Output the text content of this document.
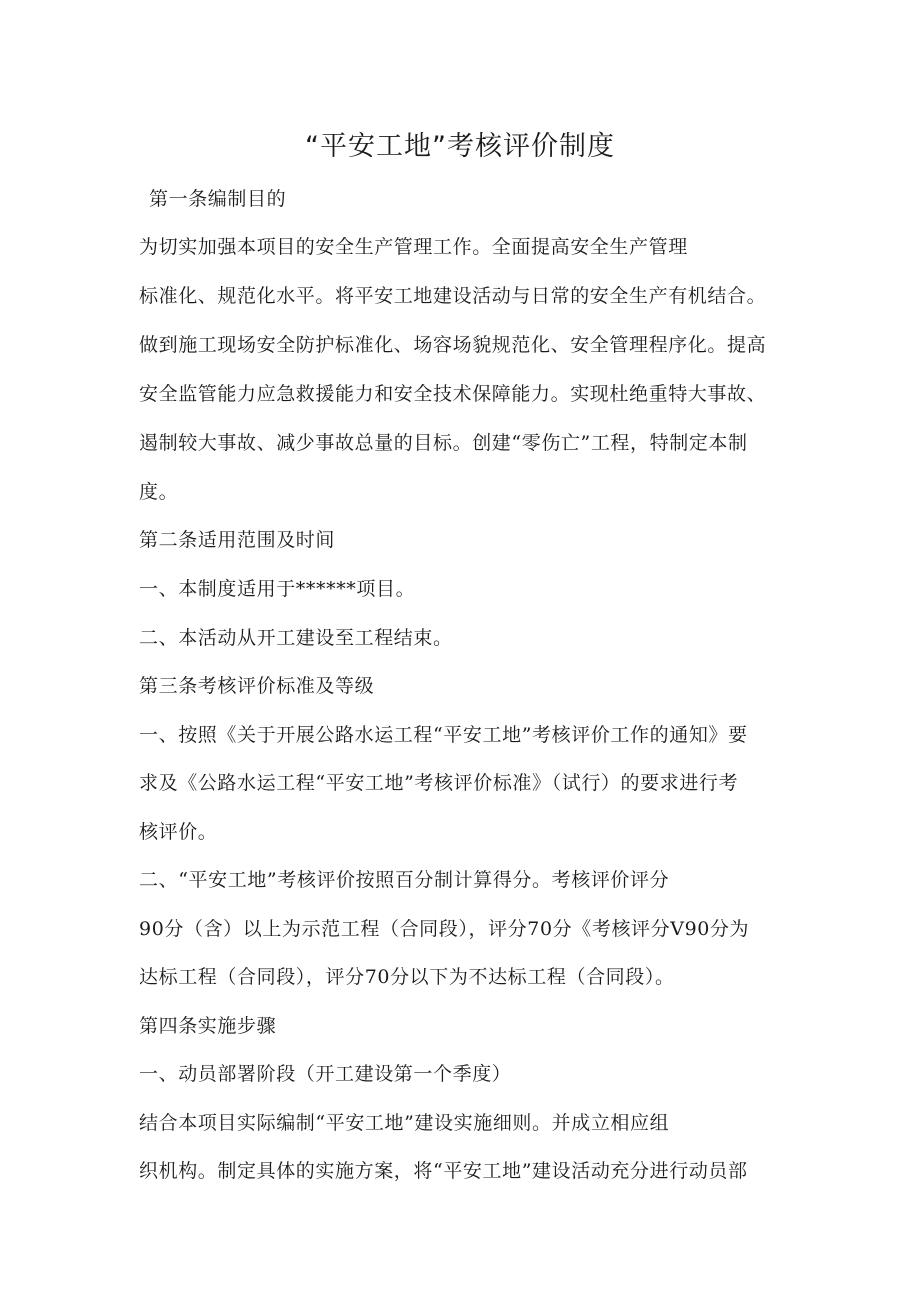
“平安工地”考核评价制度
第一条编制目的
为切实加强本项目的安全生产管理工作。全面提高安全生产管理
标准化、规范化水平。将平安工地建设活动与日常的安全生产有机结合。
做到施工现场安全防护标准化、场容场貌规范化、安全管理程序化。提高
安全监管能力应急救援能力和安全技术保障能力。实现杜绝重特大事故、
遏制较大事故、减少事故总量的目标。创建“零伤亡”工程，特制定本制
度。
第二条适用范围及时间
一、本制度适用于******项目。
二、本活动从开工建设至工程结束。
第三条考核评价标准及等级
一、按照《关于开展公路水运工程“平安工地”考核评价工作的通知》要
求及《公路水运工程“平安工地”考核评价标准》（试行）的要求进行考
核评价。
二、“平安工地”考核评价按照百分制计算得分。考核评价评分
90分（含）以上为示范工程（合同段），评分70分《考核评分V90分为
达标工程（合同段），评分70分以下为不达标工程（合同段）。
第四条实施步骤
一、动员部署阶段（开工建设第一个季度）
结合本项目实际编制“平安工地”建设实施细则。并成立相应组
织机构。制定具体的实施方案，将“平安工地”建设活动充分进行动员部
